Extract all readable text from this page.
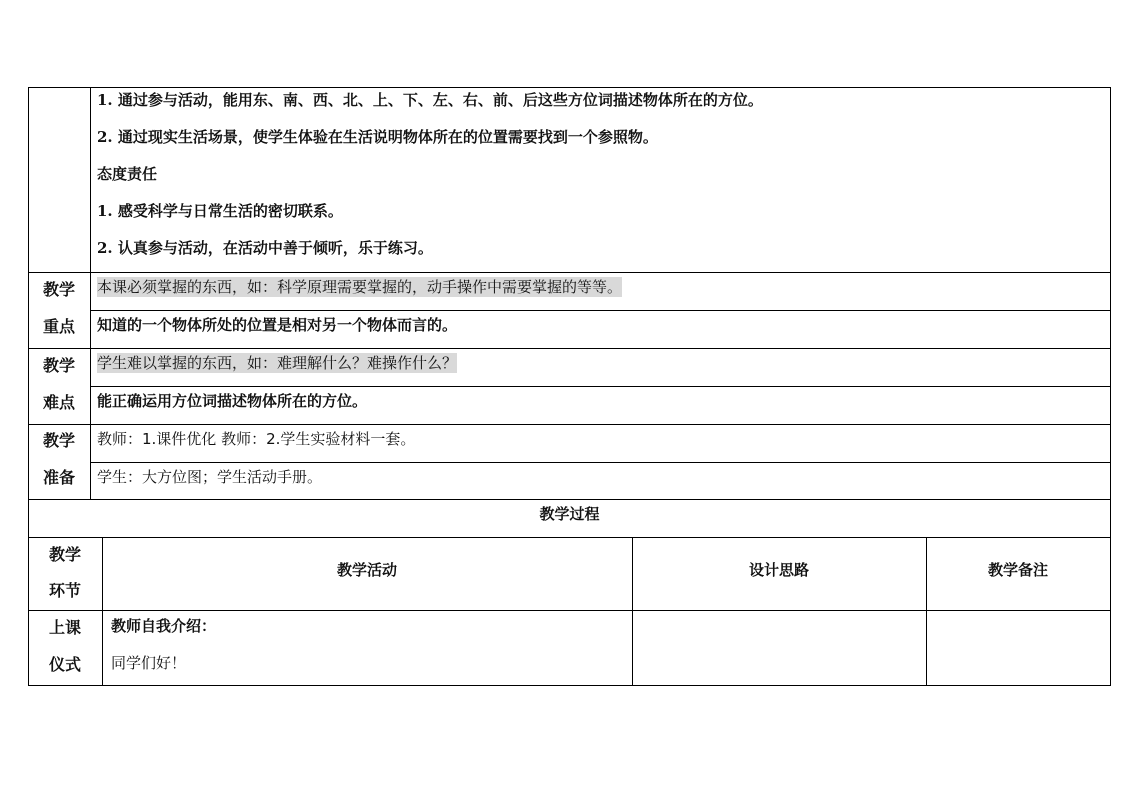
1. 通过参与活动，能用东、南、西、北、上、下、左、右、前、后这些方位词描述物体所在的方位。
2. 通过现实生活场景，使学生体验在生活说明物体所在的位置需要找到一个参照物。
态度责任
1. 感受科学与日常生活的密切联系。
2. 认真参与活动，在活动中善于倾听，乐于练习。
教学
重点
本课必须掌握的东西，如：科学原理需要掌握的，动手操作中需要掌握的等等。
知道的一个物体所处的位置是相对另一个物体而言的。
教学
难点
学生难以掌握的东西，如：难理解什么？难操作什么？
能正确运用方位词描述物体所在的方位。
教学
准备
教师：1.课件优化 教师：2.学生实验材料一套。
学生：大方位图；学生活动手册。
教学过程
教学
环节
教学活动	设计思路	教学备注
上课
仪式
教师自我介绍：
同学们好！
